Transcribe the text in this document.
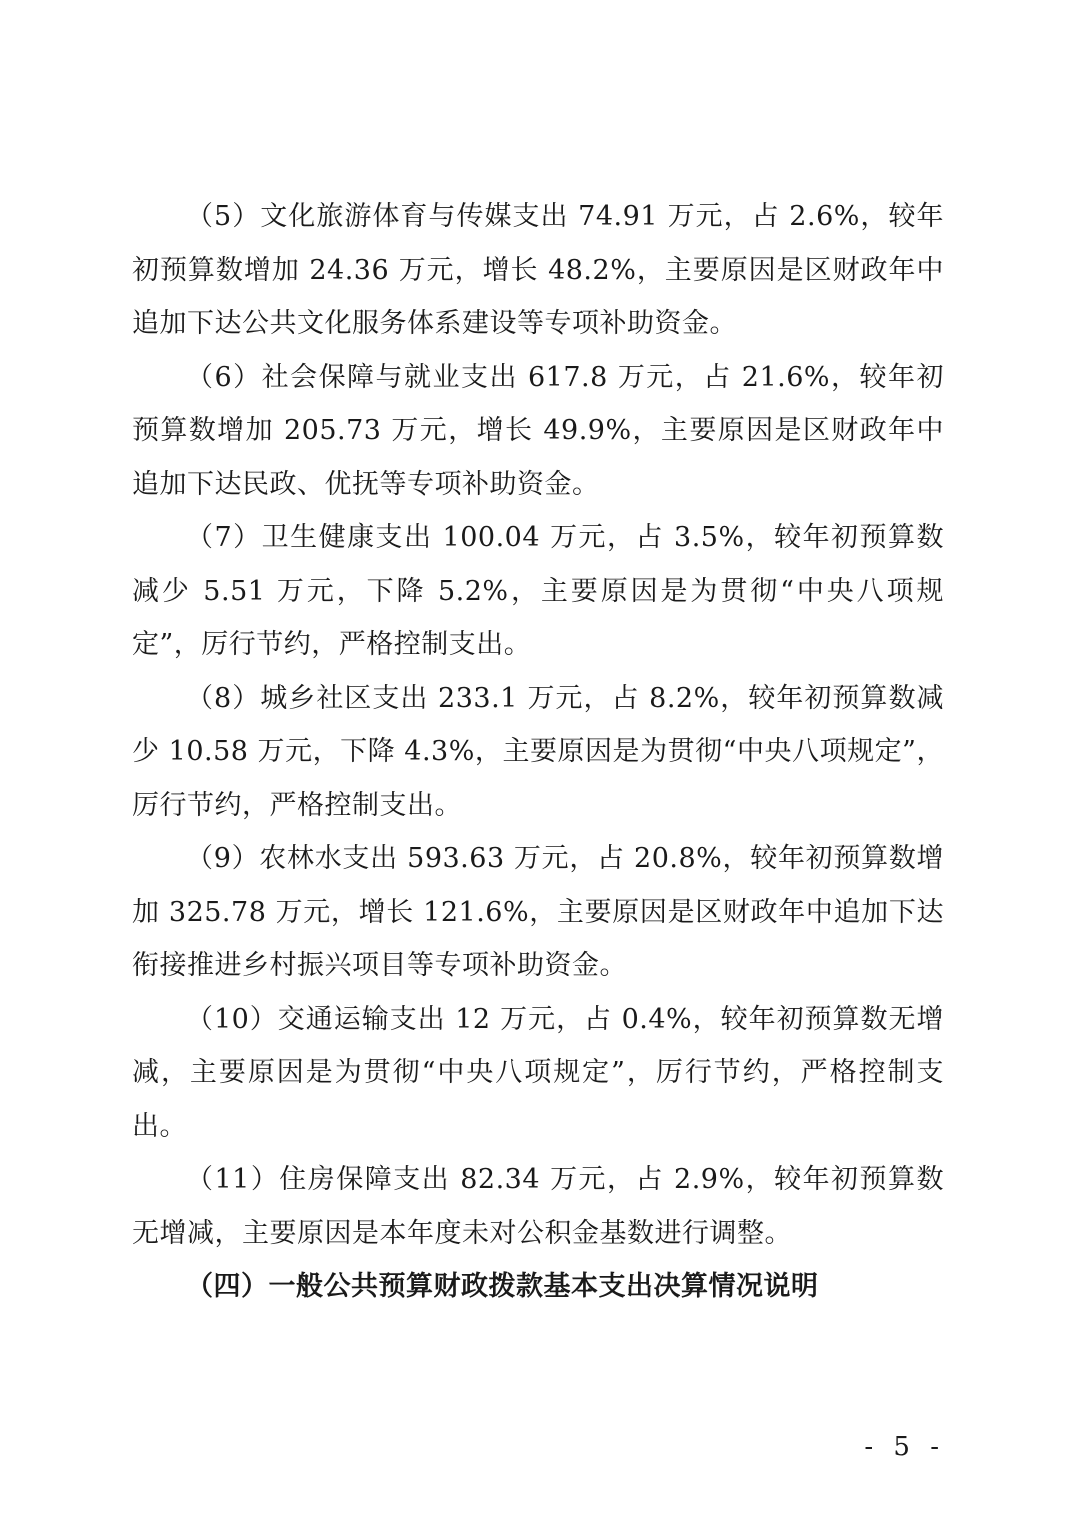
（5）文化旅游体育与传媒支出 74.91 万元，占 2.6%，较年初预算数增加 24.36 万元，增长 48.2%，主要原因是区财政年中追加下达公共文化服务体系建设等专项补助资金。

（6）社会保障与就业支出 617.8 万元，占 21.6%，较年初预算数增加 205.73 万元，增长 49.9%，主要原因是区财政年中追加下达民政、优抚等专项补助资金。

（7）卫生健康支出 100.04 万元，占 3.5%，较年初预算数减少 5.51 万元，下降 5.2%，主要原因是为贯彻“中央八项规定”，厉行节约，严格控制支出。

（8）城乡社区支出 233.1 万元，占 8.2%，较年初预算数减少 10.58 万元，下降 4.3%，主要原因是为贯彻“中央八项规定”，厉行节约，严格控制支出。

（9）农林水支出 593.63 万元，占 20.8%，较年初预算数增加 325.78 万元，增长 121.6%，主要原因是区财政年中追加下达衔接推进乡村振兴项目等专项补助资金。

（10）交通运输支出 12 万元，占 0.4%，较年初预算数无增减，主要原因是为贯彻“中央八项规定”，厉行节约，严格控制支出。

（11）住房保障支出 82.34 万元，占 2.9%，较年初预算数无增减，主要原因是本年度未对公积金基数进行调整。

（四）一般公共预算财政拨款基本支出决算情况说明

- 5 -
